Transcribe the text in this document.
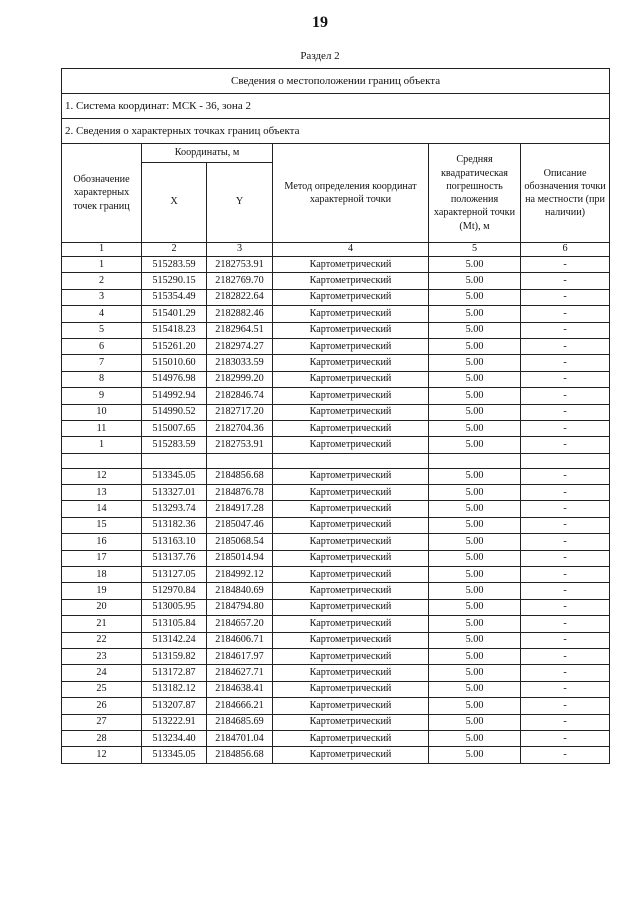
19
Раздел 2
Сведения о местоположении границ объекта					
1. Система координат: МСК - 36, зона 2					
2. Сведения о характерных точках границ объекта					
Обозначение характерных точек границ	Координаты, м		Метод определения координат характерной точки	Средняя квадратическая погрешность положения характерной точки (Mt), м	Описание обозначения точки на местности (при наличии)
	X	Y			
1	2	3	4	5	6
1	515283.59	2182753.91	Картометрический	5.00	-
2	515290.15	2182769.70	Картометрический	5.00	-
3	515354.49	2182822.64	Картометрический	5.00	-
4	515401.29	2182882.46	Картометрический	5.00	-
5	515418.23	2182964.51	Картометрический	5.00	-
6	515261.20	2182974.27	Картометрический	5.00	-
7	515010.60	2183033.59	Картометрический	5.00	-
8	514976.98	2182999.20	Картометрический	5.00	-
9	514992.94	2182846.74	Картометрический	5.00	-
10	514990.52	2182717.20	Картометрический	5.00	-
11	515007.65	2182704.36	Картометрический	5.00	-
1	515283.59	2182753.91	Картометрический	5.00	-

12	513345.05	2184856.68	Картометрический	5.00	-
13	513327.01	2184876.78	Картометрический	5.00	-
14	513293.74	2184917.28	Картометрический	5.00	-
15	513182.36	2185047.46	Картометрический	5.00	-
16	513163.10	2185068.54	Картометрический	5.00	-
17	513137.76	2185014.94	Картометрический	5.00	-
18	513127.05	2184992.12	Картометрический	5.00	-
19	512970.84	2184840.69	Картометрический	5.00	-
20	513005.95	2184794.80	Картометрический	5.00	-
21	513105.84	2184657.20	Картометрический	5.00	-
22	513142.24	2184606.71	Картометрический	5.00	-
23	513159.82	2184617.97	Картометрический	5.00	-
24	513172.87	2184627.71	Картометрический	5.00	-
25	513182.12	2184638.41	Картометрический	5.00	-
26	513207.87	2184666.21	Картометрический	5.00	-
27	513222.91	2184685.69	Картометрический	5.00	-
28	513234.40	2184701.04	Картометрический	5.00	-
12	513345.05	2184856.68	Картометрический	5.00	-
